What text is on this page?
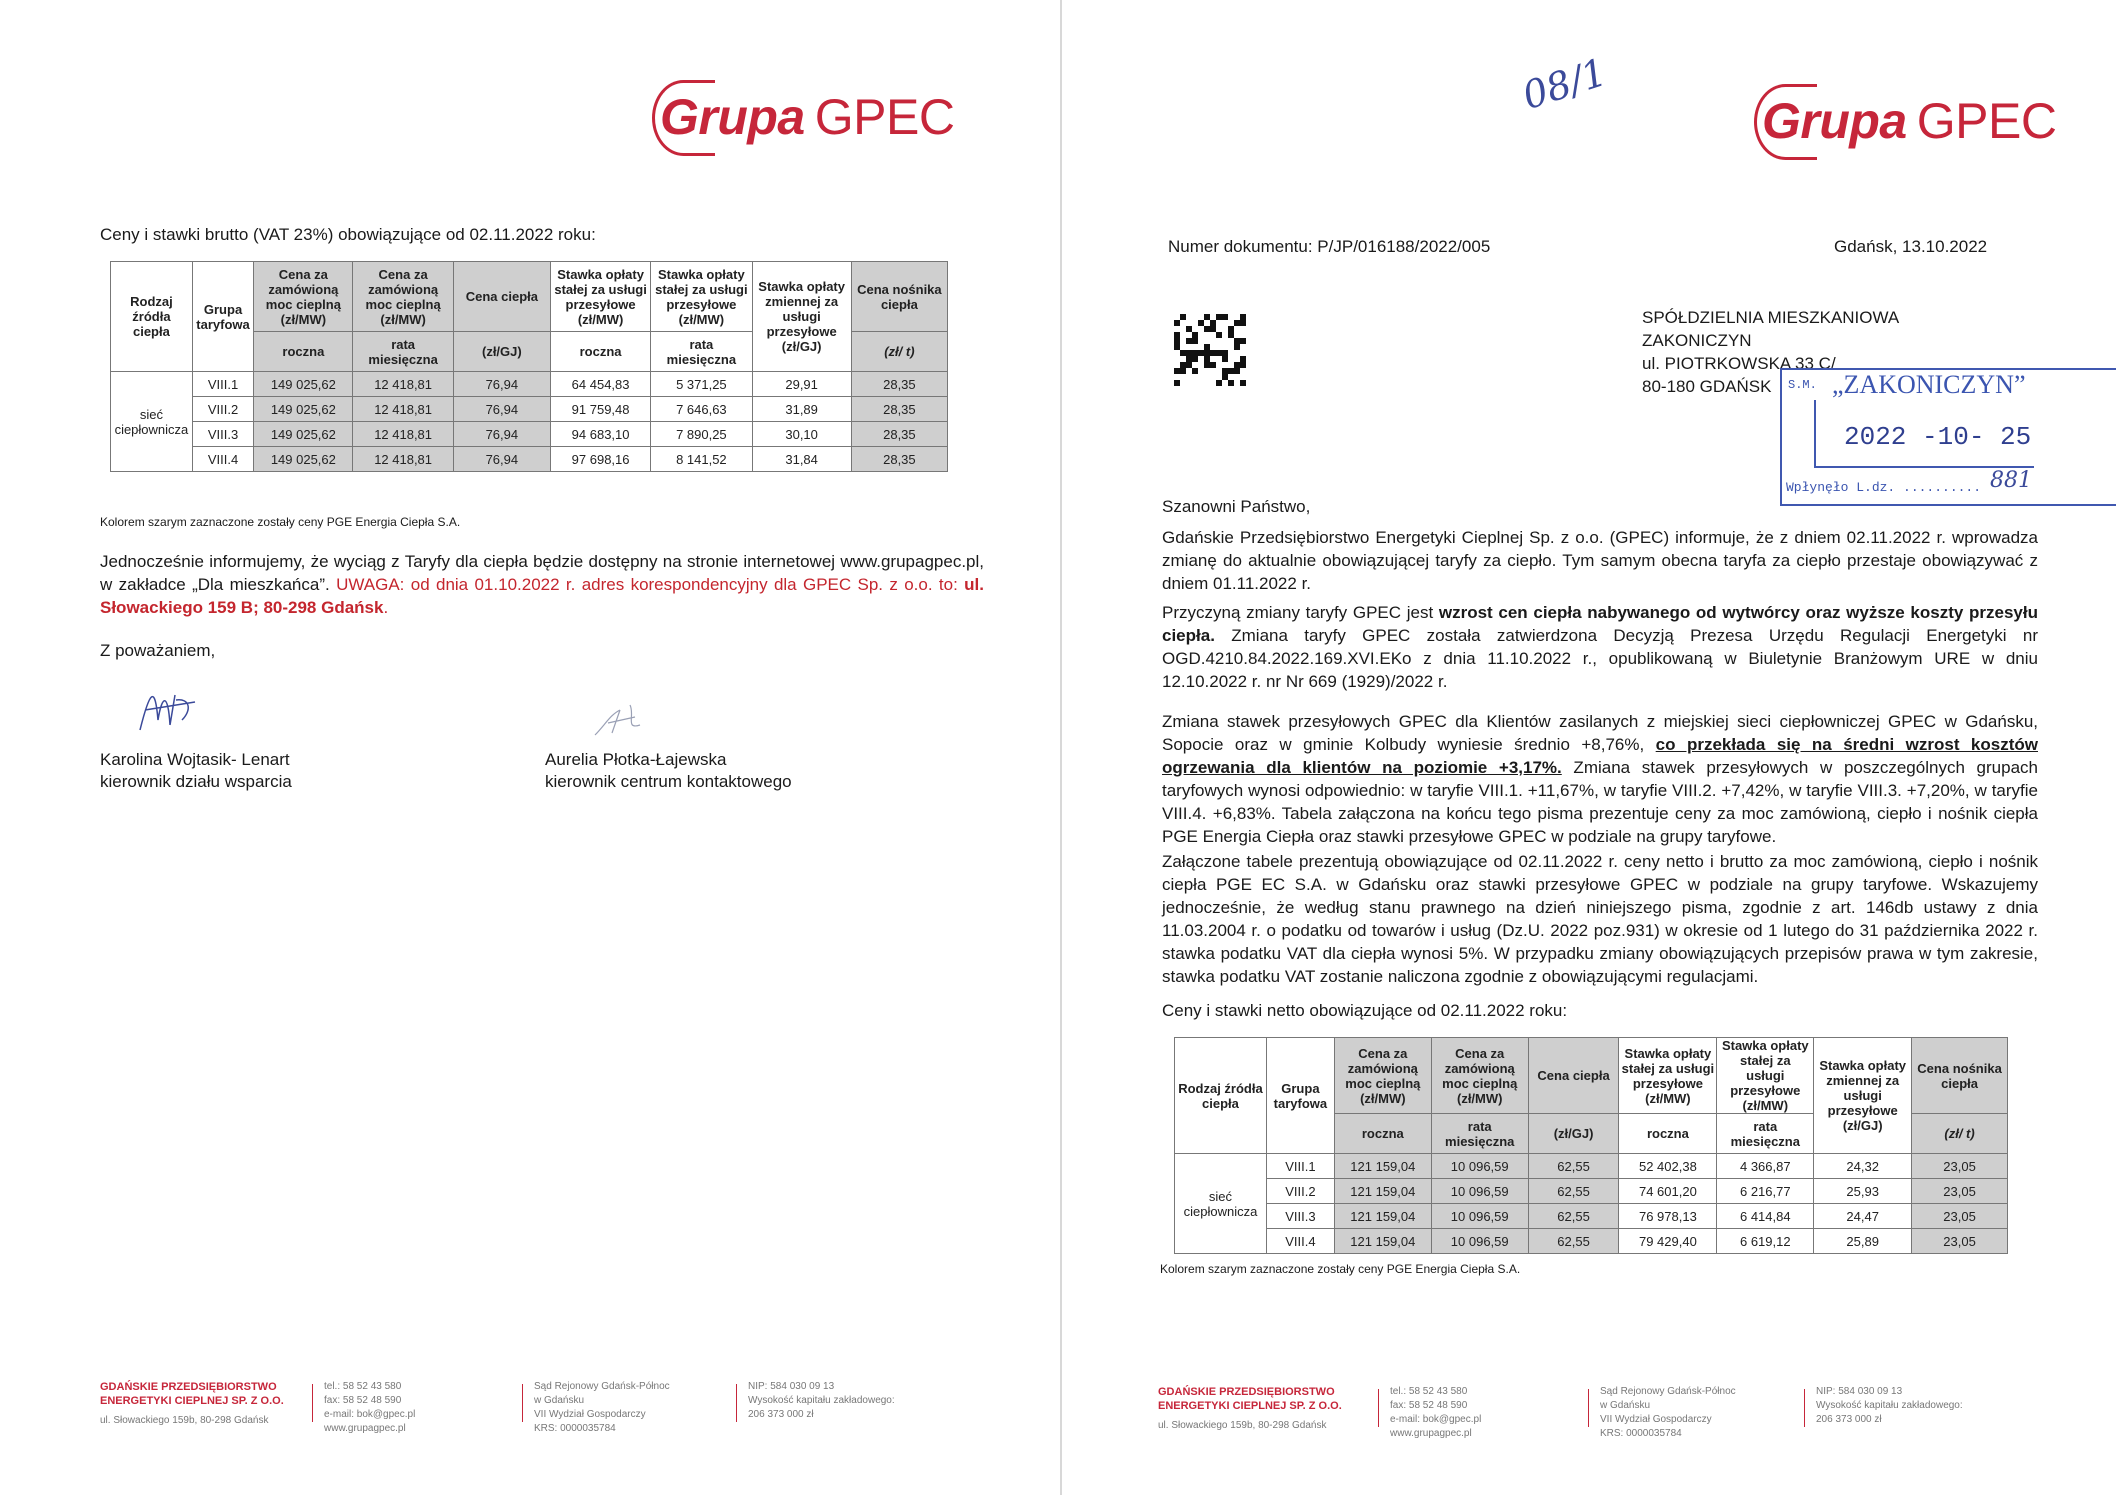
Grupa GPEC
Ceny i stawki brutto (VAT 23%) obowiązujące od 02.11.2022 roku:
Rodzaj źródła ciepła	Grupa taryfowa	Cena za zamówioną moc cieplną (zł/MW)	Cena za zamówioną moc cieplną (zł/MW)	Cena ciepła	Stawka opłaty stałej za usługi przesyłowe (zł/MW)	Stawka opłaty stałej za usługi przesyłowe (zł/MW)	Stawka opłaty zmiennej za usługi przesyłowe (zł/GJ)	Cena nośnika ciepła
		roczna	rata miesięczna	(zł/GJ)	roczna	rata miesięczna		(zł/ t)
sieć ciepłownicza	VIII.1	149 025,62	12 418,81	76,94	64 454,83	5 371,25	29,91	28,35
	VIII.2	149 025,62	12 418,81	76,94	91 759,48	7 646,63	31,89	28,35
	VIII.3	149 025,62	12 418,81	76,94	94 683,10	7 890,25	30,10	28,35
	VIII.4	149 025,62	12 418,81	76,94	97 698,16	8 141,52	31,84	28,35
Kolorem szarym zaznaczone zostały ceny PGE Energia Ciepła S.A.
Jednocześnie informujemy, że wyciąg z Taryfy dla ciepła będzie dostępny na stronie internetowej www.grupagpec.pl, w zakładce „Dla mieszkańca”. UWAGA: od dnia 01.10.2022 r. adres korespondencyjny dla GPEC Sp. z o.o. to: ul. Słowackiego 159 B; 80-298 Gdańsk.
Z poważaniem,
Karolina Wojtasik- Lenart
kierownik działu wsparcia
Aurelia Płotka-Łajewska
kierownik centrum kontaktowego
GDAŃSKIE PRZEDSIĘBIORSTWO
ENERGETYKI CIEPLNEJ SP. Z O.O.
ul. Słowackiego 159b, 80-298 Gdańsk
tel.: 58 52 43 580
fax: 58 52 48 590
e-mail: bok@gpec.pl
www.grupagpec.pl
Sąd Rejonowy Gdańsk-Północ
w Gdańsku
VII Wydział Gospodarczy
KRS: 0000035784
NIP: 584 030 09 13
Wysokość kapitału zakładowego:
206 373 000 zł
08/1
Grupa GPEC
Numer dokumentu: P/JP/016188/2022/005	Gdańsk, 13.10.2022
SPÓŁDZIELNIA MIESZKANIOWA
ZAKONICZYN
ul. PIOTRKOWSKA 33 C/
80-180 GDAŃSK	S.M. „ZAKONICZYN”
2022 -10- 25
Wpłynęło L.dz. .......... 881
Szanowni Państwo,
Gdańskie Przedsiębiorstwo Energetyki Cieplnej Sp. z o.o. (GPEC) informuje, że z dniem 02.11.2022 r. wprowadza zmianę do aktualnie obowiązującej taryfy za ciepło. Tym samym obecna taryfa za ciepło przestaje obowiązywać z dniem 01.11.2022 r.
Przyczyną zmiany taryfy GPEC jest wzrost cen ciepła nabywanego od wytwórcy oraz wyższe koszty przesyłu ciepła. Zmiana taryfy GPEC została zatwierdzona Decyzją Prezesa Urzędu Regulacji Energetyki nr OGD.4210.84.2022.169.XVI.EKo z dnia 11.10.2022 r., opublikowaną w Biuletynie Branżowym URE w dniu 12.10.2022 r. nr Nr 669 (1929)/2022 r.
Zmiana stawek przesyłowych GPEC dla Klientów zasilanych z miejskiej sieci ciepłowniczej GPEC w Gdańsku, Sopocie oraz w gminie Kolbudy wyniesie średnio +8,76%, co przekłada się na średni wzrost kosztów ogrzewania dla klientów na poziomie +3,17%. Zmiana stawek przesyłowych w poszczególnych grupach taryfowych wynosi odpowiednio: w taryfie VIII.1. +11,67%, w taryfie VIII.2. +7,42%, w taryfie VIII.3. +7,20%, w taryfie VIII.4. +6,83%. Tabela załączona na końcu tego pisma prezentuje ceny za moc zamówioną, ciepło i nośnik ciepła PGE Energia Ciepła oraz stawki przesyłowe GPEC w podziale na grupy taryfowe.
Załączone tabele prezentują obowiązujące od 02.11.2022 r. ceny netto i brutto za moc zamówioną, ciepło i nośnik ciepła PGE EC S.A. w Gdańsku oraz stawki przesyłowe GPEC w podziale na grupy taryfowe. Wskazujemy jednocześnie, że według stanu prawnego na dzień niniejszego pisma, zgodnie z art. 146db ustawy z dnia 11.03.2004 r. o podatku od towarów i usług (Dz.U. 2022 poz.931) w okresie od 1 lutego do 31 października 2022 r. stawka podatku VAT dla ciepła wynosi 5%. W przypadku zmiany obowiązujących przepisów prawa w tym zakresie, stawka podatku VAT zostanie naliczona zgodnie z obowiązującymi regulacjami.
Ceny i stawki netto obowiązujące od 02.11.2022 roku:
Rodzaj źródła ciepła	Grupa taryfowa	Cena za zamówioną moc cieplną (zł/MW)	Cena za zamówioną moc cieplną (zł/MW)	Cena ciepła	Stawka opłaty stałej za usługi przesyłowe (zł/MW)	Stawka opłaty stałej za usługi przesyłowe (zł/MW)	Stawka opłaty zmiennej za usługi przesyłowe (zł/GJ)	Cena nośnika ciepła
		roczna	rata miesięczna	(zł/GJ)	roczna	rata miesięczna		(zł/ t)
sieć ciepłownicza	VIII.1	121 159,04	10 096,59	62,55	52 402,38	4 366,87	24,32	23,05
	VIII.2	121 159,04	10 096,59	62,55	74 601,20	6 216,77	25,93	23,05
	VIII.3	121 159,04	10 096,59	62,55	76 978,13	6 414,84	24,47	23,05
	VIII.4	121 159,04	10 096,59	62,55	79 429,40	6 619,12	25,89	23,05
Kolorem szarym zaznaczone zostały ceny PGE Energia Ciepła S.A.
GDAŃSKIE PRZEDSIĘBIORSTWO
ENERGETYKI CIEPLNEJ SP. Z O.O.
ul. Słowackiego 159b, 80-298 Gdańsk
tel.: 58 52 43 580
fax: 58 52 48 590
e-mail: bok@gpec.pl
www.grupagpec.pl
Sąd Rejonowy Gdańsk-Północ
w Gdańsku
VII Wydział Gospodarczy
KRS: 0000035784
NIP: 584 030 09 13
Wysokość kapitału zakładowego:
206 373 000 zł
